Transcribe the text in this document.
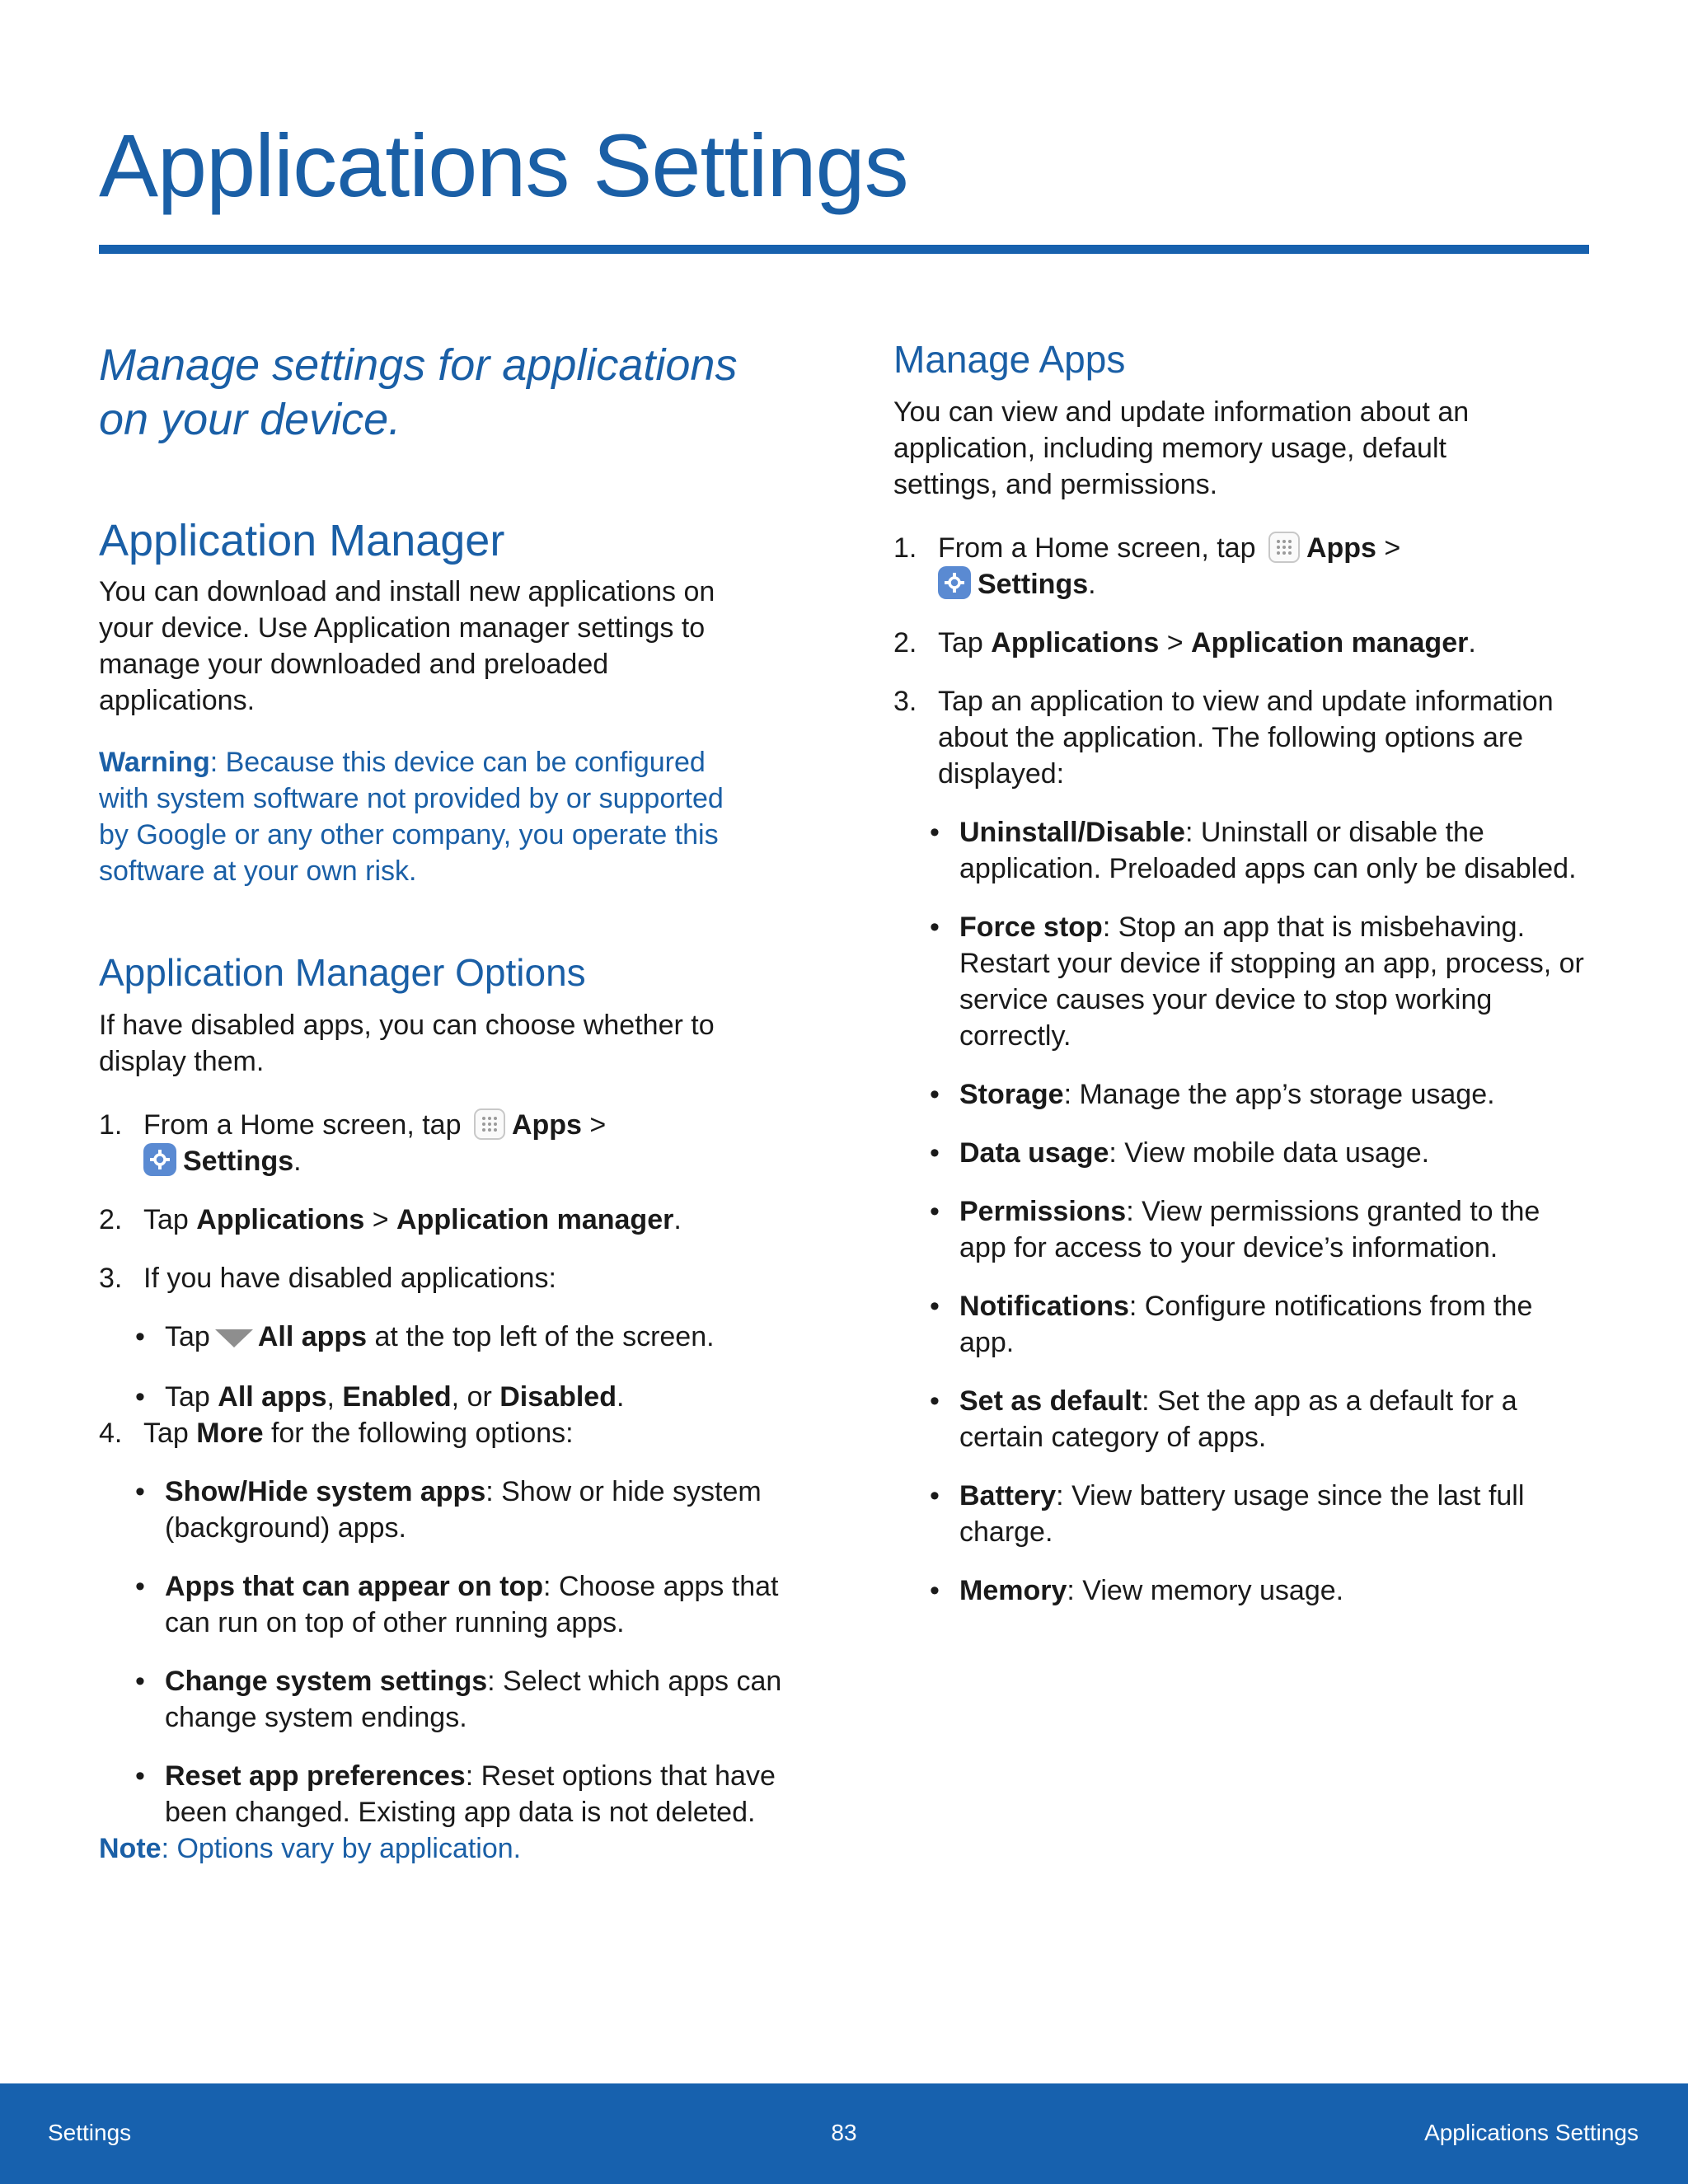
Applications Settings

Manage settings for applications on your device.

Application Manager

You can download and install new applications on your device. Use Application manager settings to manage your downloaded and preloaded applications.

Warning: Because this device can be configured with system software not provided by or supported by Google or any other company, you operate this software at your own risk.

Application Manager Options

If have disabled apps, you can choose whether to display them.

1. From a Home screen, tap Apps >

Settings.
2. Tap Applications > Application manager.
3. If you have disabled applications:
• Tap All apps at the top left of the screen.
• Tap All apps, Enabled, or Disabled.
4. Tap More for the following options:
• Show/Hide system apps: Show or hide system (background) apps.
• Apps that can appear on top: Choose apps that can run on top of other running apps.
• Change system settings: Select which apps can change system endings.
• Reset app preferences: Reset options that have been changed. Existing app data is not deleted.

Note: Options vary by application.

Manage Apps

You can view and update information about an application, including memory usage, default settings, and permissions.

1. From a Home screen, tap Apps >

Settings.
2. Tap Applications > Application manager.
3. Tap an application to view and update information about the application. The following options are displayed:
• Uninstall/Disable: Uninstall or disable the application. Preloaded apps can only be disabled.
• Force stop: Stop an app that is misbehaving. Restart your device if stopping an app, process, or service causes your device to stop working correctly.
• Storage: Manage the app’s storage usage.
• Data usage: View mobile data usage.
• Permissions: View permissions granted to the app for access to your device’s information.
• Notifications: Configure notifications from the app.
• Set as default: Set the app as a default for a certain category of apps.
• Battery: View battery usage since the last full charge.
• Memory: View memory usage.
Settings	83	Applications Settings
